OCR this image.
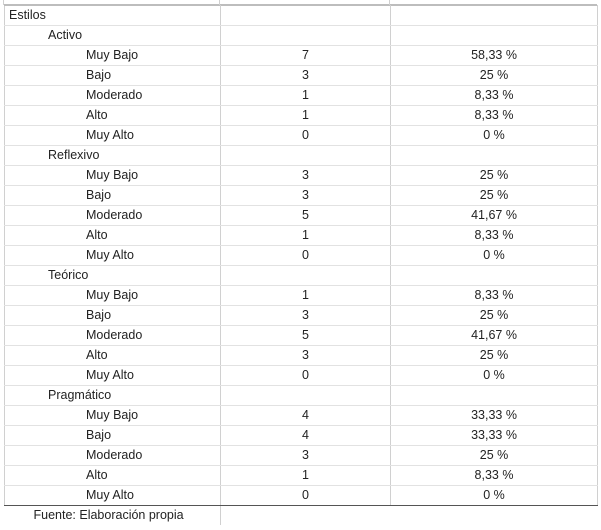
Estilos		
Activo		
Muy Bajo	7	58,33 %
Bajo	3	25 %
Moderado	1	8,33 %
Alto	1	8,33 %
Muy Alto	0	0 %
Reflexivo		
Muy Bajo	3	25 %
Bajo	3	25 %
Moderado	5	41,67 %
Alto	1	8,33 %
Muy Alto	0	0 %
Teórico		
Muy Bajo	1	8,33 %
Bajo	3	25 %
Moderado	5	41,67 %
Alto	3	25 %
Muy Alto	0	0 %
Pragmático		
Muy Bajo	4	33,33 %
Bajo	4	33,33 %
Moderado	3	25 %
Alto	1	8,33 %
Muy Alto	0	0 %
Fuente: Elaboración propia		
